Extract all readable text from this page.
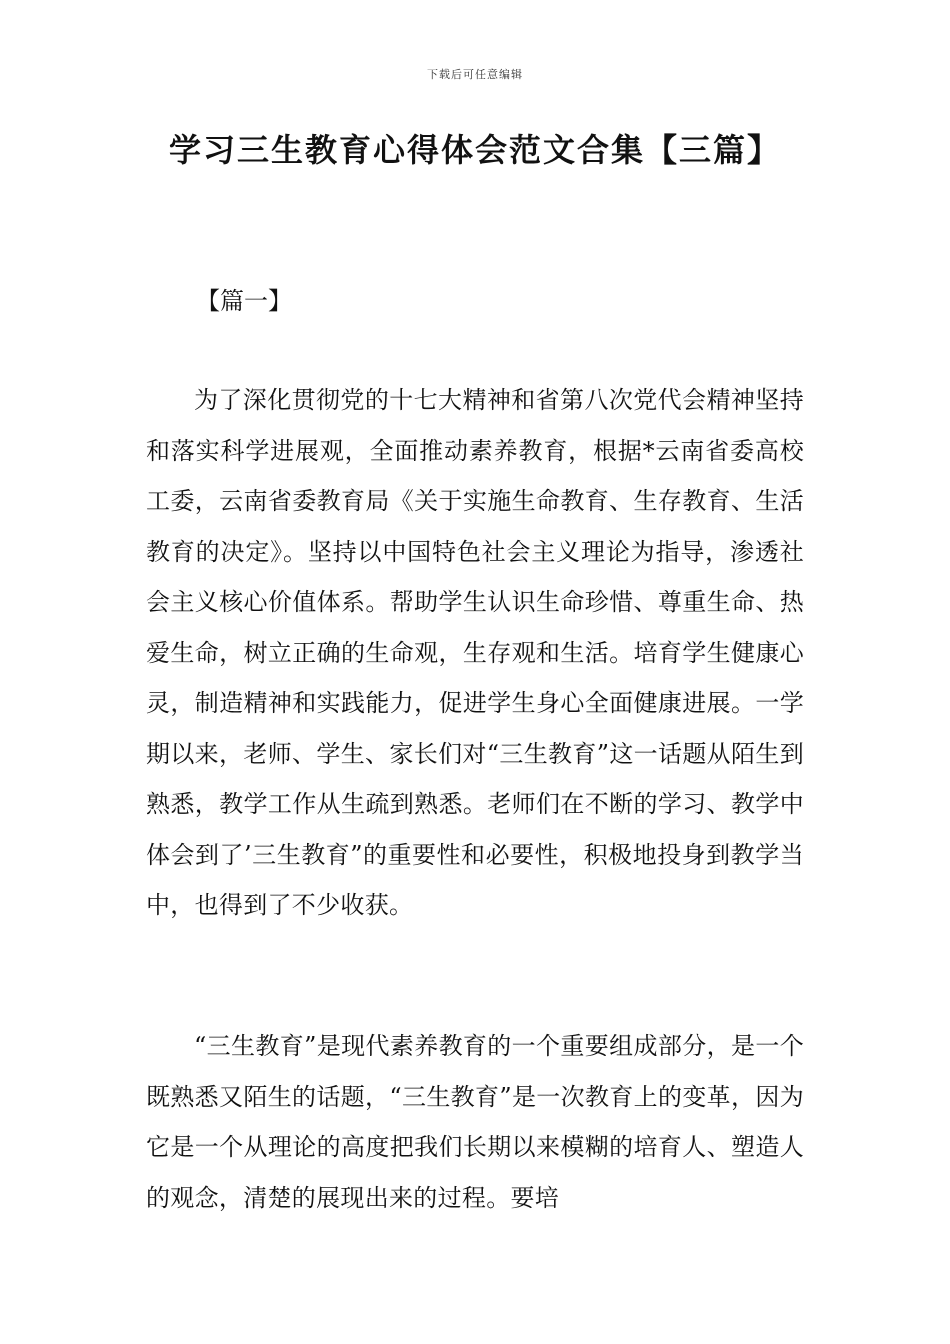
下载后可任意编辑
学习三生教育心得体会范文合集【三篇】

【篇一】

为了深化贯彻党的十七大精神和省第八次党代会精神坚持和落实科学进展观，全面推动素养教育，根据*云南省委高校工委，云南省委教育局《关于实施生命教育、生存教育、生活教育的决定》。坚持以中国特色社会主义理论为指导，渗透社会主义核心价值体系。帮助学生认识生命珍惜、尊重生命、热爱生命，树立正确的生命观，生存观和生活。培育学生健康心灵，制造精神和实践能力，促进学生身心全面健康进展。一学期以来，老师、学生、家长们对“三生教育”这一话题从陌生到熟悉，教学工作从生疏到熟悉。老师们在不断的学习、教学中体会到了’三生教育”的重要性和必要性，积极地投身到教学当中，也得到了不少收获。

“三生教育”是现代素养教育的一个重要组成部分，是一个既熟悉又陌生的话题，“三生教育”是一次教育上的变革，因为它是一个从理论的高度把我们长期以来模糊的培育人、塑造人的观念，清楚的展现出来的过程。要培
